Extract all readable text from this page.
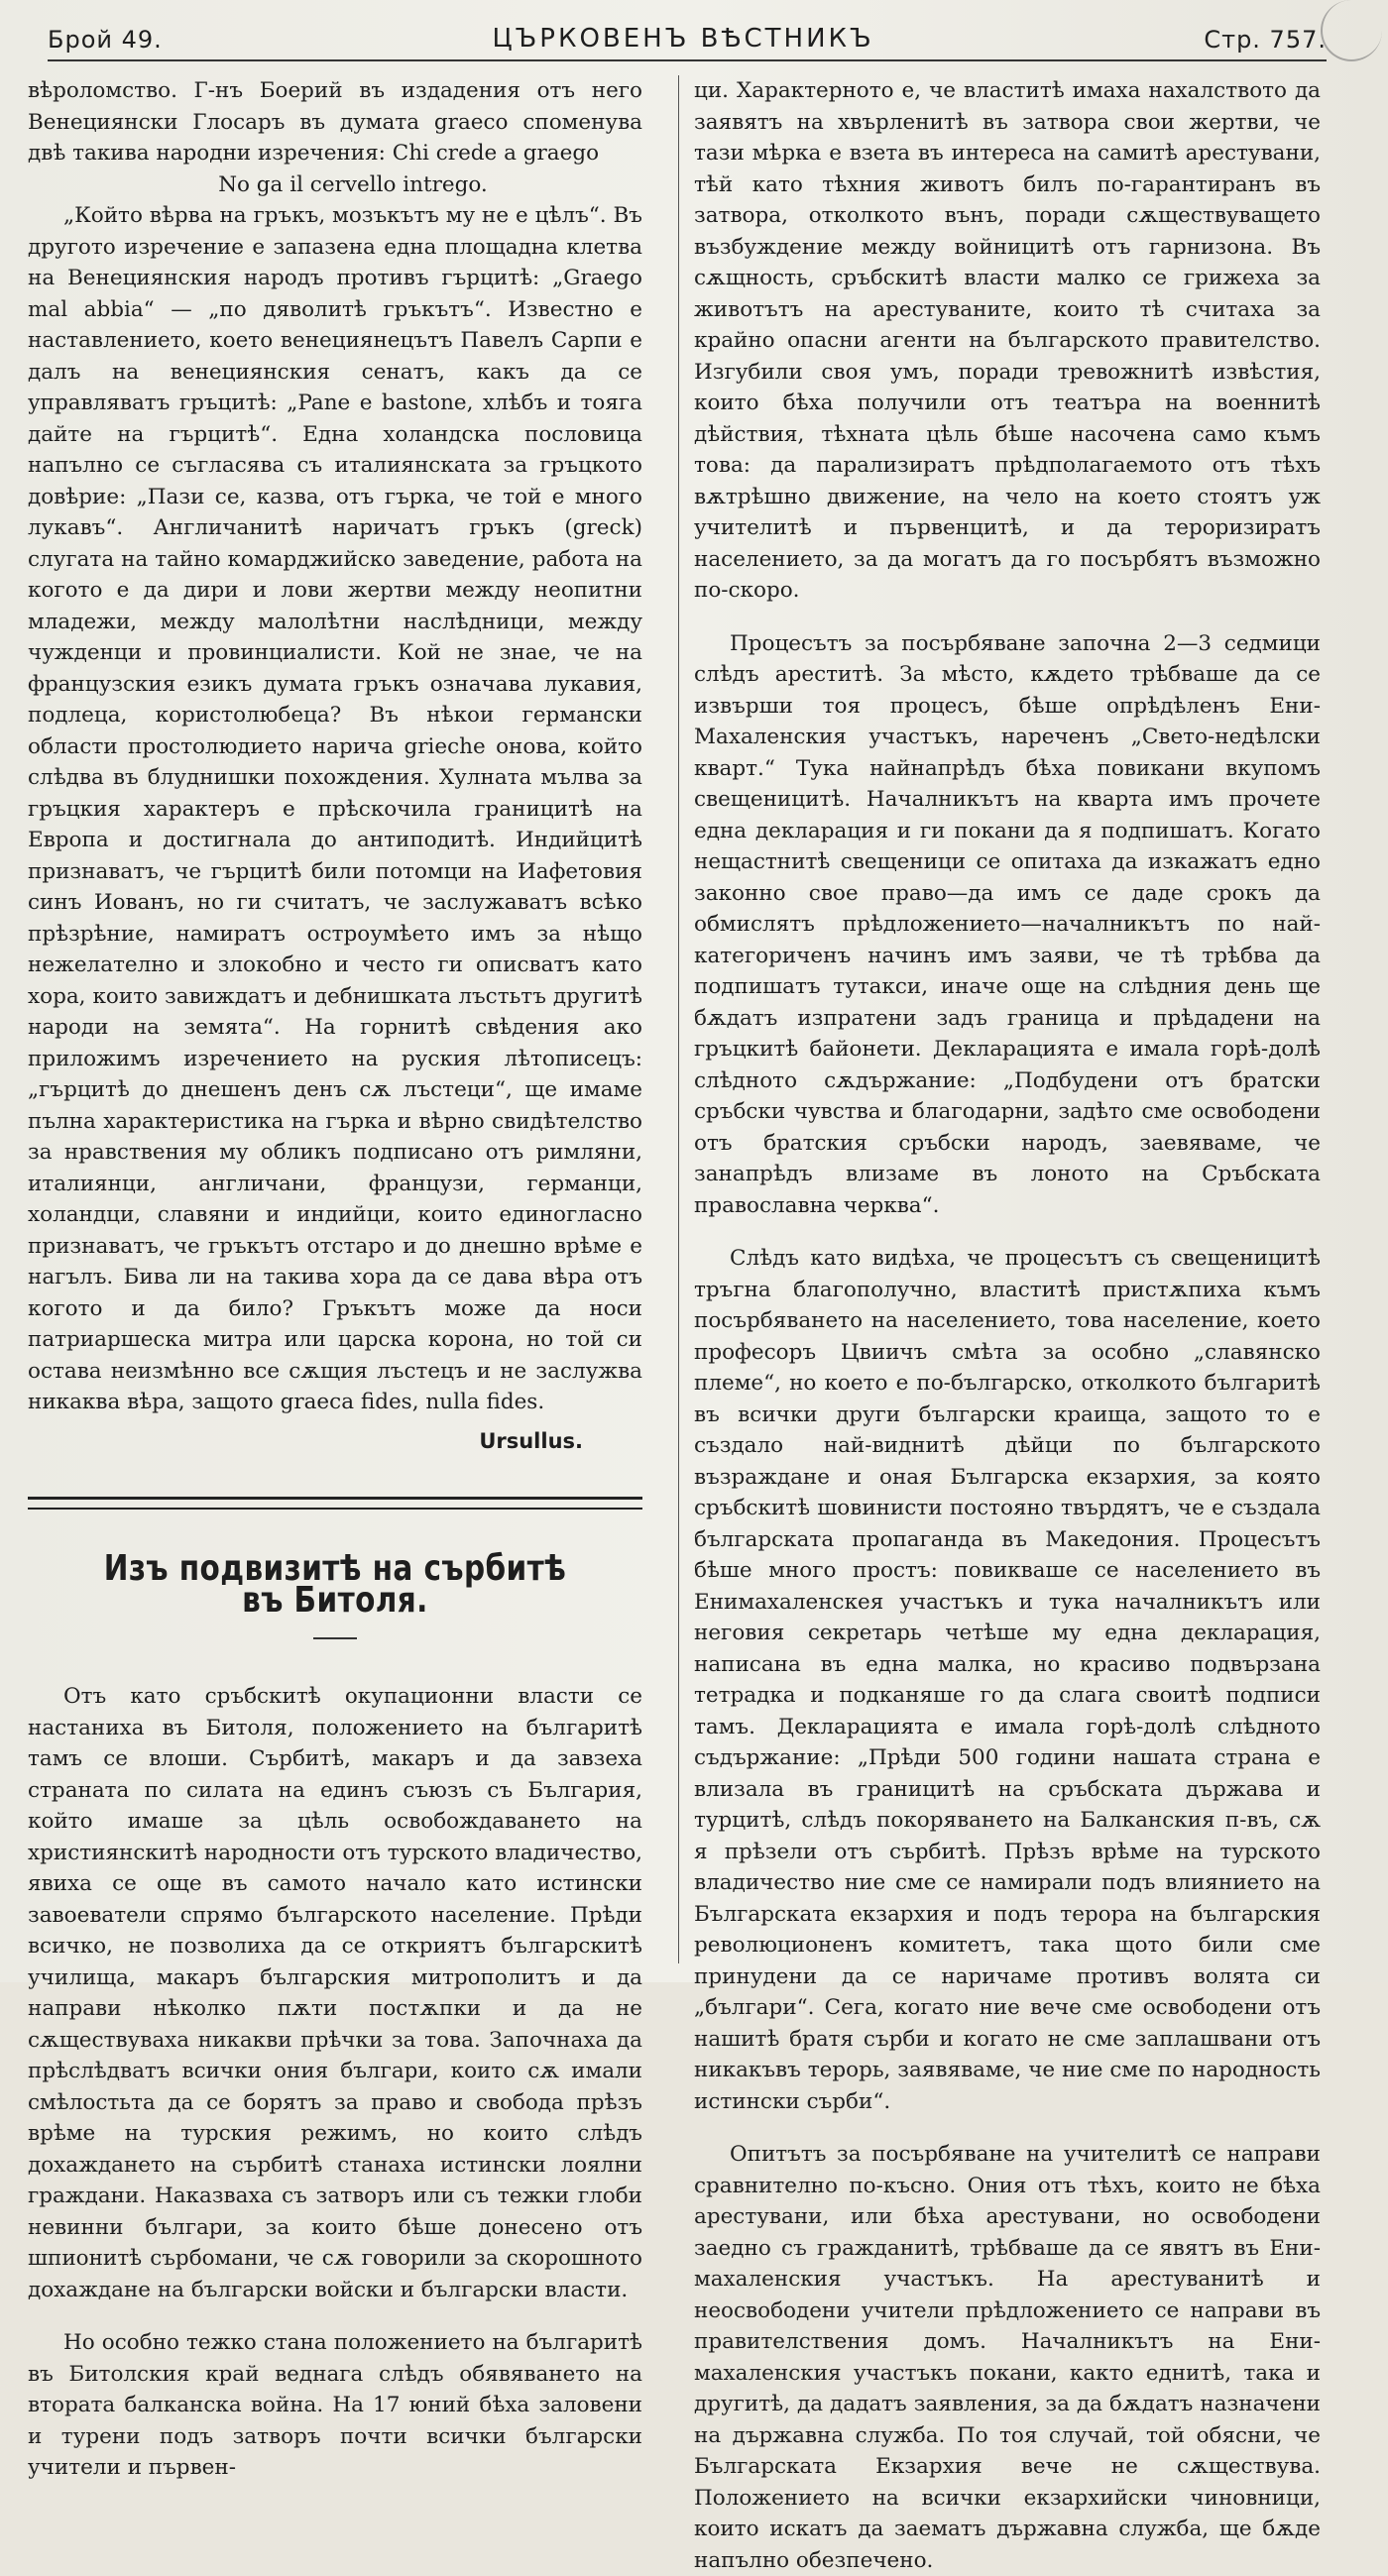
Брой 49.	ЦЪРКОВЕНЪ ВѢСТНИКЪ	Стр. 757.

вѣроломство. Г-нъ Боерий въ издадения отъ него Венециянски Глосаръ въ думата graeco споменува двѣ такива народни изречения: Chi crede a graego

No ga il cervello intrego.

„Който вѣрва на гръкъ, мозъкътъ му не е цѣлъ“. Въ другото изречение е запазена една площадна клетва на Венециянския народъ противъ гърцитѣ: „Graego mal abbia“ — „по дяволитѣ гръкътъ“. Известно е наставлението, което венециянецътъ Павелъ Сарпи е далъ на венециянския сенатъ, какъ да се управляватъ гръцитѣ: „Pane e bastone, хлѣбъ и тояга дайте на гърцитѣ“. Една холандска пословица напълно се съгласява съ италиянската за гръцкото довѣрие: „Пази се, казва, отъ гърка, че той е много лукавъ“. Англичанитѣ наричатъ гръкъ (greck) слугата на тайно комарджийско заведение, работа на когото е да дири и лови жертви между неопитни младежи, между малолѣтни наслѣдници, между чужденци и провинциалисти. Кой не знае, че на французския езикъ думата гръкъ означава лукавия, подлеца, користолюбеца? Въ нѣкои германски области простолюдието нарича grieche онова, който слѣдва въ блуднишки похождения. Хулната мълва за гръцкия характеръ е прѣскочила границитѣ на Европа и достигнала до антиподитѣ. Индийцитѣ признаватъ, че гърцитѣ били потомци на Иафетовия синъ Иованъ, но ги считатъ, че заслужаватъ всѣко прѣзрѣние, намиратъ остроумѣето имъ за нѣщо нежелателно и злокобно и често ги описватъ като хора, които завиждатъ и дебнишката лъстьтъ другитѣ народи на земята“. На горнитѣ свѣдения ако приложимъ изречението на руския лѣтописецъ: „гърцитѣ до днешенъ денъ сѫ лъстеци“, ще имаме пълна характеристика на гърка и вѣрно свидѣтелство за нравствения му обликъ подписано отъ римляни, италиянци, англичани, французи, германци, холандци, славяни и индийци, които единогласно признаватъ, че гръкътъ отстаро и до днешно врѣме е нагълъ. Бива ли на такива хора да се дава вѣра отъ когото и да било? Гръкътъ може да носи патриаршеска митра или царска корона, но той си остава неизмѣнно все сѫщия лъстецъ и не заслужва никаква вѣра, защото graeca fides, nulla fides.

Ursullus.
Изъ подвизитѣ на сърбитѣ въ Битоля.

Отъ като сръбскитѣ окупационни власти се настаниха въ Битоля, положението на българитѣ тамъ се влоши. Сърбитѣ, макаръ и да завзеха страната по силата на единъ съюзъ съ България, който имаше за цѣль освобождаването на християнскитѣ народности отъ турското владичество, явиха се още въ самото начало като истински завоеватели спрямо българското население. Прѣди всичко, не позволиха да се откриятъ българскитѣ училища, макаръ българския митрополитъ и да направи нѣколко пѫти постѫпки и да не сѫществуваха никакви прѣчки за това. Започнаха да прѣслѣдватъ всички ония българи, които сѫ имали смѣлостьта да се борятъ за право и свобода прѣзъ врѣме на турския режимъ, но които слѣдъ дохаждането на сърбитѣ станаха истински лоялни граждани. Наказваха съ затворъ или съ тежки глоби невинни българи, за които бѣше донесено отъ шпионитѣ сърбомани, че сѫ говорили за скорошното дохаждане на български войски и български власти.

Но особно тежко стана положението на българитѣ въ Битолския край веднага слѣдъ обявяването на втората балканска война. На 17 юний бѣха заловени и турени подъ затворъ почти всички български учители и първен-

ци. Характерното е, че властитѣ имаха нахалството да заявятъ на хвърленитѣ въ затвора свои жертви, че тази мѣрка е взета въ интереса на самитѣ арестувани, тѣй като тѣхния животъ билъ по-гарантиранъ въ затвора, отколкото вънъ, поради сѫществуващето възбуждение между войницитѣ отъ гарнизона. Въ сѫщность, сръбскитѣ власти малко се грижеха за животътъ на арестуваните, които тѣ считаха за крайно опасни агенти на българското правителство. Изгубили своя умъ, поради тревожнитѣ извѣстия, които бѣха получили отъ театъра на военнитѣ дѣйствия, тѣхната цѣль бѣше насочена само къмъ това: да парализиратъ прѣдполагаемото отъ тѣхъ вѫтрѣшно движение, на чело на което стоятъ уж учителитѣ и първенцитѣ, и да тероризиратъ населението, за да могатъ да го посърбятъ възможно по-скоро.

Процесътъ за посърбяване започна 2—3 седмици слѣдъ ареститѣ. За мѣсто, кѫдето трѣбваше да се извърши тоя процесъ, бѣше опрѣдѣленъ Ени-Махаленския участъкъ, нареченъ „Свето-недѣлски кварт.“ Тука найнапрѣдъ бѣха повикани вкупомъ свещеницитѣ. Началникътъ на кварта имъ прочете една декларация и ги покани да я подпишатъ. Когато нещастнитѣ свещеници се опитаха да изкажатъ едно законно свое право—да имъ се даде срокъ да обмислятъ прѣдложението—началникътъ по най-категориченъ начинъ имъ заяви, че тѣ трѣбва да подпишатъ тутакси, иначе още на слѣдния день ще бѫдатъ изпратени задъ граница и прѣдадени на гръцкитѣ байонети. Декларацията е имала горѣ-долѣ слѣдното сѫдържание: „Подбудени отъ братски сръбски чувства и благодарни, задѣто сме освободени отъ братския сръбски народъ, заевяваме, че занапрѣдъ влизаме въ лоното на Сръбската православна черква“.

Слѣдъ като видѣха, че процесътъ съ свещеницитѣ тръгна благополучно, властитѣ пристѫпиха къмъ посърбяването на населението, това население, което професоръ Цвиичъ смѣта за особно „славянско племе“, но което е по-българско, отколкото българитѣ въ всички други български краища, защото то е създало най-виднитѣ дѣйци по българското възраждане и оная Българска екзархия, за която сръбскитѣ шовинисти постояно твърдятъ, че е създала българската пропаганда въ Македония. Процесътъ бѣше много простъ: повикваше се населението въ Енимахаленскея участъкъ и тука началникътъ или неговия секретарь четѣше му една декларация, написана въ една малка, но красиво подвързана тетрадка и подканяше го да слага своитѣ подписи тамъ. Декларацията е имала горѣ-долѣ слѣдното съдържание: „Прѣди 500 години нашата страна е влизала въ границитѣ на сръбската държава и турцитѣ, слѣдъ покоряването на Балканския п-въ, сѫ я прѣзели отъ сърбитѣ. Прѣзъ врѣме на турското владичество ние сме се намирали подъ влиянието на Българската екзархия и подъ терора на българския революционенъ комитетъ, така щото били сме принудени да се наричаме противъ волята си „българи“. Сега, когато ние вече сме освободени отъ нашитѣ братя сърби и когато не сме заплашвани отъ никакъвъ терорь, заявяваме, че ние сме по народность истински сърби“.

Опитътъ за посърбяване на учителитѣ се направи сравнително по-късно. Ония отъ тѣхъ, които не бѣха арестувани, или бѣха арестувани, но освободени заедно съ гражданитѣ, трѣбваше да се явятъ въ Ени-махаленския участъкъ. На арестуванитѣ и неосвободени учители прѣдложението се направи въ правителствения домъ. Началникътъ на Ени-махаленския участъкъ покани, както еднитѣ, така и другитѣ, да дадатъ заявления, за да бѫдатъ назначени на държавна служба. По тоя случай, той обясни, че Българската Екзархия вече не сѫществува. Положението на всички екзархийски чиновници, които искатъ да заематъ държавна служба, ще бѫде напълно обезпечено.
